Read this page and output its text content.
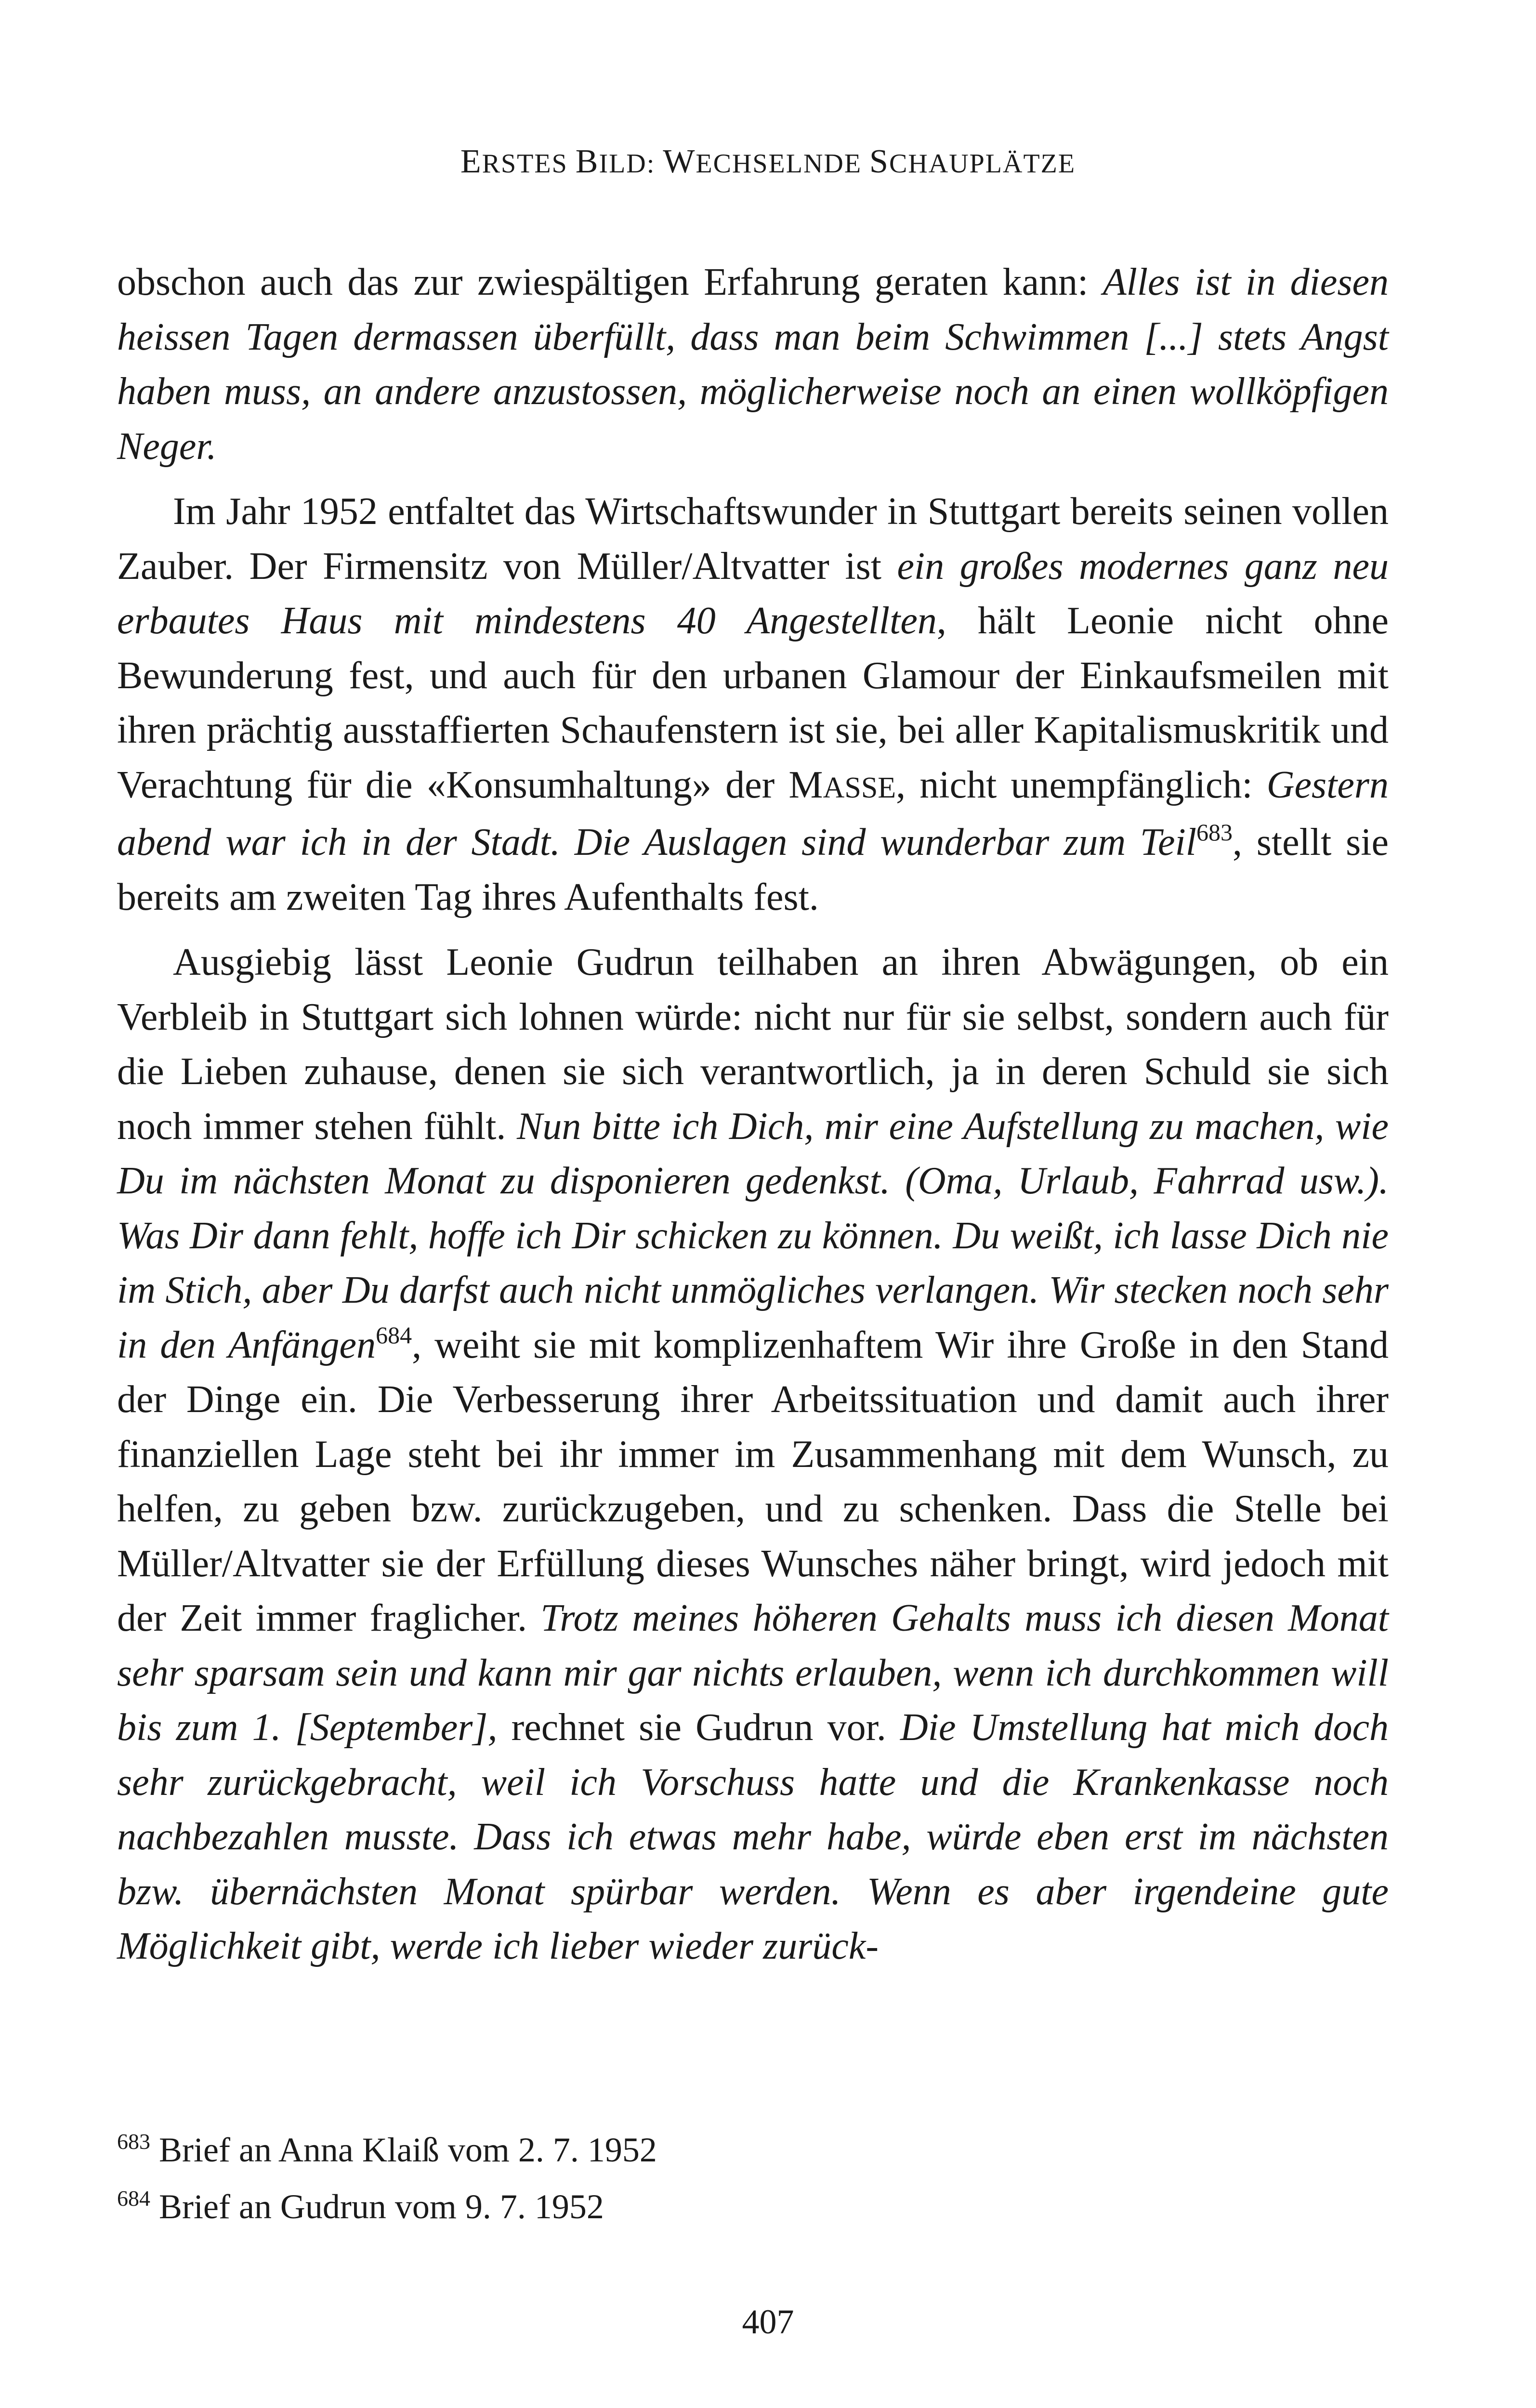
ERSTES BILD: WECHSELNDE SCHAUPLÄTZE

obschon auch das zur zwiespältigen Erfahrung geraten kann: Alles ist in diesen heissen Tagen dermassen überfüllt, dass man beim Schwimmen [...] stets Angst haben muss, an andere anzustossen, möglicherweise noch an einen wollköpfigen Neger.

Im Jahr 1952 entfaltet das Wirtschaftswunder in Stuttgart bereits seinen vollen Zauber. Der Firmensitz von Müller/Altvatter ist ein großes modernes ganz neu erbautes Haus mit mindestens 40 Angestellten, hält Leonie nicht ohne Bewunderung fest, und auch für den urbanen Glamour der Einkaufsmeilen mit ihren prächtig ausstaffierten Schaufenstern ist sie, bei aller Kapitalismuskritik und Verachtung für die «Konsumhaltung» der MASSE, nicht unempfänglich: Gestern abend war ich in der Stadt. Die Auslagen sind wunderbar zum Teil$^{683}$, stellt sie bereits am zweiten Tag ihres Aufenthalts fest.

Ausgiebig lässt Leonie Gudrun teilhaben an ihren Abwägungen, ob ein Verbleib in Stuttgart sich lohnen würde: nicht nur für sie selbst, sondern auch für die Lieben zuhause, denen sie sich verantwortlich, ja in deren Schuld sie sich noch immer stehen fühlt. Nun bitte ich Dich, mir eine Aufstellung zu machen, wie Du im nächsten Monat zu disponieren gedenkst. (Oma, Urlaub, Fahrrad usw.). Was Dir dann fehlt, hoffe ich Dir schicken zu können. Du weißt, ich lasse Dich nie im Stich, aber Du darfst auch nicht unmögliches verlangen. Wir stecken noch sehr in den Anfängen$^{684}$, weiht sie mit komplizenhaftem Wir ihre Große in den Stand der Dinge ein. Die Verbesserung ihrer Arbeitssituation und damit auch ihrer finanziellen Lage steht bei ihr immer im Zusammenhang mit dem Wunsch, zu helfen, zu geben bzw. zurückzugeben, und zu schenken. Dass die Stelle bei Müller/Altvatter sie der Erfüllung dieses Wunsches näher bringt, wird jedoch mit der Zeit immer fraglicher. Trotz meines höheren Gehalts muss ich diesen Monat sehr sparsam sein und kann mir gar nichts erlauben, wenn ich durchkommen will bis zum 1. [September], rechnet sie Gudrun vor. Die Umstellung hat mich doch sehr zurückgebracht, weil ich Vorschuss hatte und die Krankenkasse noch nachbezahlen musste. Dass ich etwas mehr habe, würde eben erst im nächsten bzw. übernächsten Monat spürbar werden. Wenn es aber irgendeine gute Möglichkeit gibt, werde ich lieber wieder zurück-

$^{683}$ Brief an Anna Klaiß vom 2. 7. 1952

$^{684}$ Brief an Gudrun vom 9. 7. 1952

407
